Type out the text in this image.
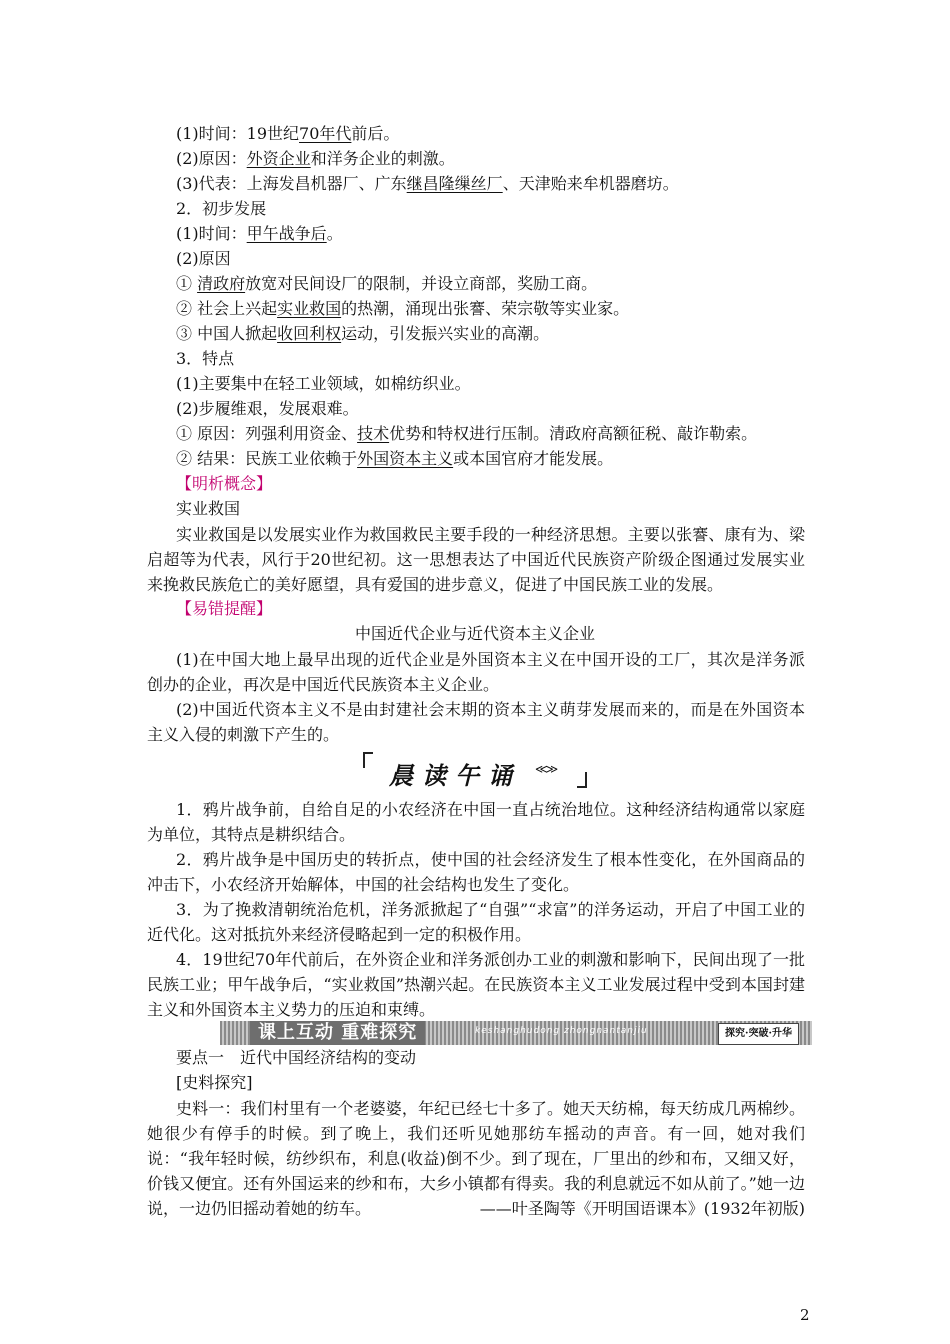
(1)时间：19世纪70年代前后。
(2)原因：外资企业和洋务企业的刺激。
(3)代表：上海发昌机器厂、广东继昌隆缫丝厂、天津贻来牟机器磨坊。
2．初步发展
(1)时间：甲午战争后。
(2)原因
① 清政府放宽对民间设厂的限制，并设立商部，奖励工商。
② 社会上兴起实业救国的热潮，涌现出张謇、荣宗敬等实业家。
③ 中国人掀起收回利权运动，引发振兴实业的高潮。
3．特点
(1)主要集中在轻工业领域，如棉纺织业。
(2)步履维艰，发展艰难。
① 原因：列强利用资金、技术优势和特权进行压制。清政府高额征税、敲诈勒索。
② 结果：民族工业依赖于外国资本主义或本国官府才能发展。
【明析概念】
实业救国
实业救国是以发展实业作为救国救民主要手段的一种经济思想。主要以张謇、康有为、梁启超等为代表，风行于20世纪初。这一思想表达了中国近代民族资产阶级企图通过发展实业来挽救民族危亡的美好愿望，具有爱国的进步意义，促进了中国民族工业的发展。
【易错提醒】
中国近代企业与近代资本主义企业
(1)在中国大地上最早出现的近代企业是外国资本主义在中国开设的工厂，其次是洋务派创办的企业，再次是中国近代民族资本主义企业。
(2)中国近代资本主义不是由封建社会末期的资本主义萌芽发展而来的，而是在外国资本主义入侵的刺激下产生的。
晨读午诵 ≪≫
1．鸦片战争前，自给自足的小农经济在中国一直占统治地位。这种经济结构通常以家庭为单位，其特点是耕织结合。
2．鸦片战争是中国历史的转折点，使中国的社会经济发生了根本性变化，在外国商品的冲击下，小农经济开始解体，中国的社会结构也发生了变化。
3．为了挽救清朝统治危机，洋务派掀起了“自强”“求富”的洋务运动，开启了中国工业的近代化。这对抵抗外来经济侵略起到一定的积极作用。
4．19世纪70年代前后，在外资企业和洋务派创办工业的刺激和影响下，民间出现了一批民族工业；甲午战争后，“实业救国”热潮兴起。在民族资本主义工业发展过程中受到本国封建主义和外国资本主义势力的压迫和束缚。
课上互动 重难探究	keshanghudong zhongnantanjiu	探究·突破·升华
要点一　近代中国经济结构的变动
[史料探究]
史料一：我们村里有一个老婆婆，年纪已经七十多了。她天天纺棉，每天纺成几两棉纱。她很少有停手的时候。到了晚上，我们还听见她那纺车摇动的声音。有一回，她对我们说：“我年轻时候，纺纱织布，利息(收益)倒不少。到了现在，厂里出的纱和布，又细又好，价钱又便宜。还有外国运来的纱和布，大乡小镇都有得卖。我的利息就远不如从前了。”她一边说，一边仍旧摇动着她的纺车。	——叶圣陶等《开明国语课本》(1932年初版)
2
